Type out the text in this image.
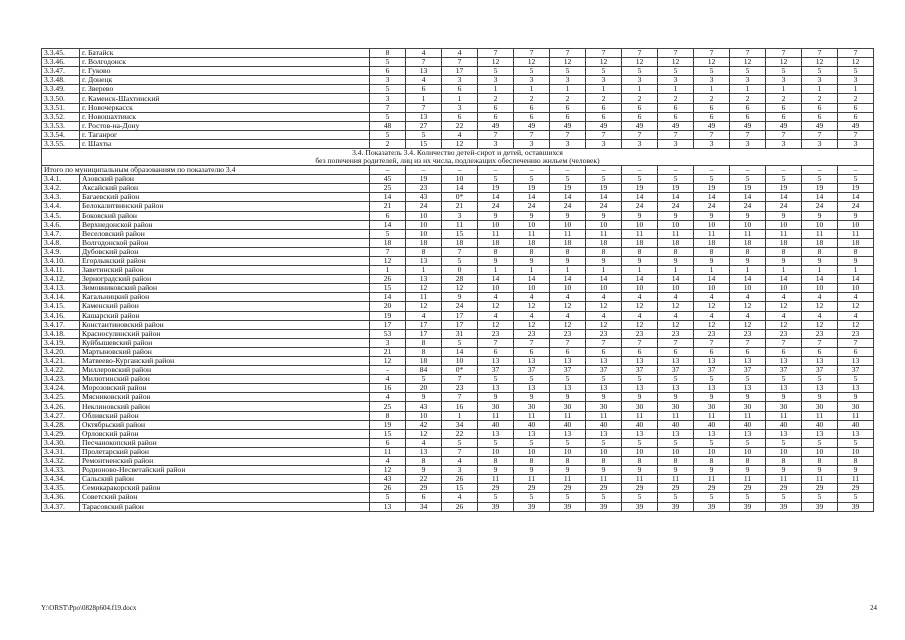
3.3.45.	г. Батайск	8	4	4	7	7	7	7	7	7	7	7	7	7	7
3.3.46.	г. Волгодонск	5	7	7	12	12	12	12	12	12	12	12	12	12	12
3.3.47.	г. Гуково	6	13	17	5	5	5	5	5	5	5	5	5	5	5
3.3.48.	г. Донецк	3	4	3	3	3	3	3	3	3	3	3	3	3	3
3.3.49.	г. Зверево	5	6	6	1	1	1	1	1	1	1	1	1	1	1
3.3.50.	г. Каменск-Шахтинский	3	1	1	2	2	2	2	2	2	2	2	2	2	2
3.3.51.	г. Новочеркасск	7	7	3	6	6	6	6	6	6	6	6	6	6	6
3.3.52.	г. Новошахтинск	5	13	6	6	6	6	6	6	6	6	6	6	6	6
3.3.53.	г. Ростов-на-Дону	48	27	22	49	49	49	49	49	49	49	49	49	49	49
3.3.54.	г. Таганрог	5	5	4	7	7	7	7	7	7	7	7	7	7	7
3.3.55.	г. Шахты	2	15	12	3	3	3	3	3	3	3	3	3	3	3

3.4. Показатель 3.4. Количество детей-сирот и детей, оставшихся
без попечения родителей, лиц из их числа, подлежащих обеспечению жильем (человек)															

Итого по муниципальным образованиям по показателю 3.4		–	–	–	–	–	–	–	–	–	–	–	–	–	–
3.4.1.	Азовский район	45	19	10	5	5	5	5	5	5	5	5	5	5	5
3.4.2.	Аксайский район	25	23	14	19	19	19	19	19	19	19	19	19	19	19
3.4.3.	Багаевский район	14	43	0*	14	14	14	14	14	14	14	14	14	14	14
3.4.4.	Белокалитвинский район	21	24	21	24	24	24	24	24	24	24	24	24	24	24
3.4.5.	Боковский район	6	10	3	9	9	9	9	9	9	9	9	9	9	9
3.4.6.	Верхнедонской район	14	10	11	10	10	10	10	10	10	10	10	10	10	10
3.4.7.	Веселовский район	5	10	15	11	11	11	11	11	11	11	11	11	11	11
3.4.8.	Волгодонской район	18	18	18	18	18	18	18	18	18	18	18	18	18	18
3.4.9.	Дубовский район	7	8	7	8	8	8	8	8	8	8	8	8	8	8
3.4.10.	Егорлыкский район	12	13	5	9	9	9	9	9	9	9	9	9	9	9
3.4.11.	Заветинский район	1	1	0	1	1	1	1	1	1	1	1	1	1	1
3.4.12.	Зерноградский район	26	13	28	14	14	14	14	14	14	14	14	14	14	14
3.4.13.	Зимовниковский район	15	12	12	10	10	10	10	10	10	10	10	10	10	10
3.4.14.	Кагальницкий район	14	11	9	4	4	4	4	4	4	4	4	4	4	4
3.4.15.	Каменский район	20	12	24	12	12	12	12	12	12	12	12	12	12	12
3.4.16.	Кашарский район	19	4	17	4	4	4	4	4	4	4	4	4	4	4
3.4.17.	Константиновский район	17	17	17	12	12	12	12	12	12	12	12	12	12	12
3.4.18.	Красносулинский район	53	17	31	23	23	23	23	23	23	23	23	23	23	23
3.4.19.	Куйбышевский район	3	8	5	7	7	7	7	7	7	7	7	7	7	7
3.4.20.	Мартыновский район	21	8	14	6	6	6	6	6	6	6	6	6	6	6
3.4.21.	Матвеево-Курганский район	12	18	10	13	13	13	13	13	13	13	13	13	13	13
3.4.22.	Миллеровский район	-	84	0*	37	37	37	37	37	37	37	37	37	37	37
3.4.23.	Милютинский район	4	5	7	5	5	5	5	5	5	5	5	5	5	5
3.4.24.	Морозовский район	16	20	23	13	13	13	13	13	13	13	13	13	13	13
3.4.25.	Мясниковский район	4	9	7	9	9	9	9	9	9	9	9	9	9	9
3.4.26.	Неклиновский район	25	43	16	30	30	30	30	30	30	30	30	30	30	30
3.4.27.	Обливский район	8	10	1	11	11	11	11	11	11	11	11	11	11	11
3.4.28.	Октябрьский район	19	42	34	40	40	40	40	40	40	40	40	40	40	40
3.4.29.	Орловский район	15	12	22	13	13	13	13	13	13	13	13	13	13	13
3.4.30.	Песчанокопский район	6	4	5	5	5	5	5	5	5	5	5	5	5	5
3.4.31.	Пролетарский район	11	13	7	10	10	10	10	10	10	10	10	10	10	10
3.4.32.	Ремонтненский район	4	8	4	8	8	8	8	8	8	8	8	8	8	8
3.4.33.	Родионово-Несветайский район	12	9	3	9	9	9	9	9	9	9	9	9	9	9
3.4.34.	Сальский район	43	22	26	11	11	11	11	11	11	11	11	11	11	11
3.4.35.	Семикаракорский район	26	29	15	29	29	29	29	29	29	29	29	29	29	29
3.4.36.	Советский район	5	6	4	5	5	5	5	5	5	5	5	5	5	5
3.4.37.	Тарасовский район	13	34	26	39	39	39	39	39	39	39	39	39	39	39
Y:\ORST\Ppo\0828p604.f19.docx	24
